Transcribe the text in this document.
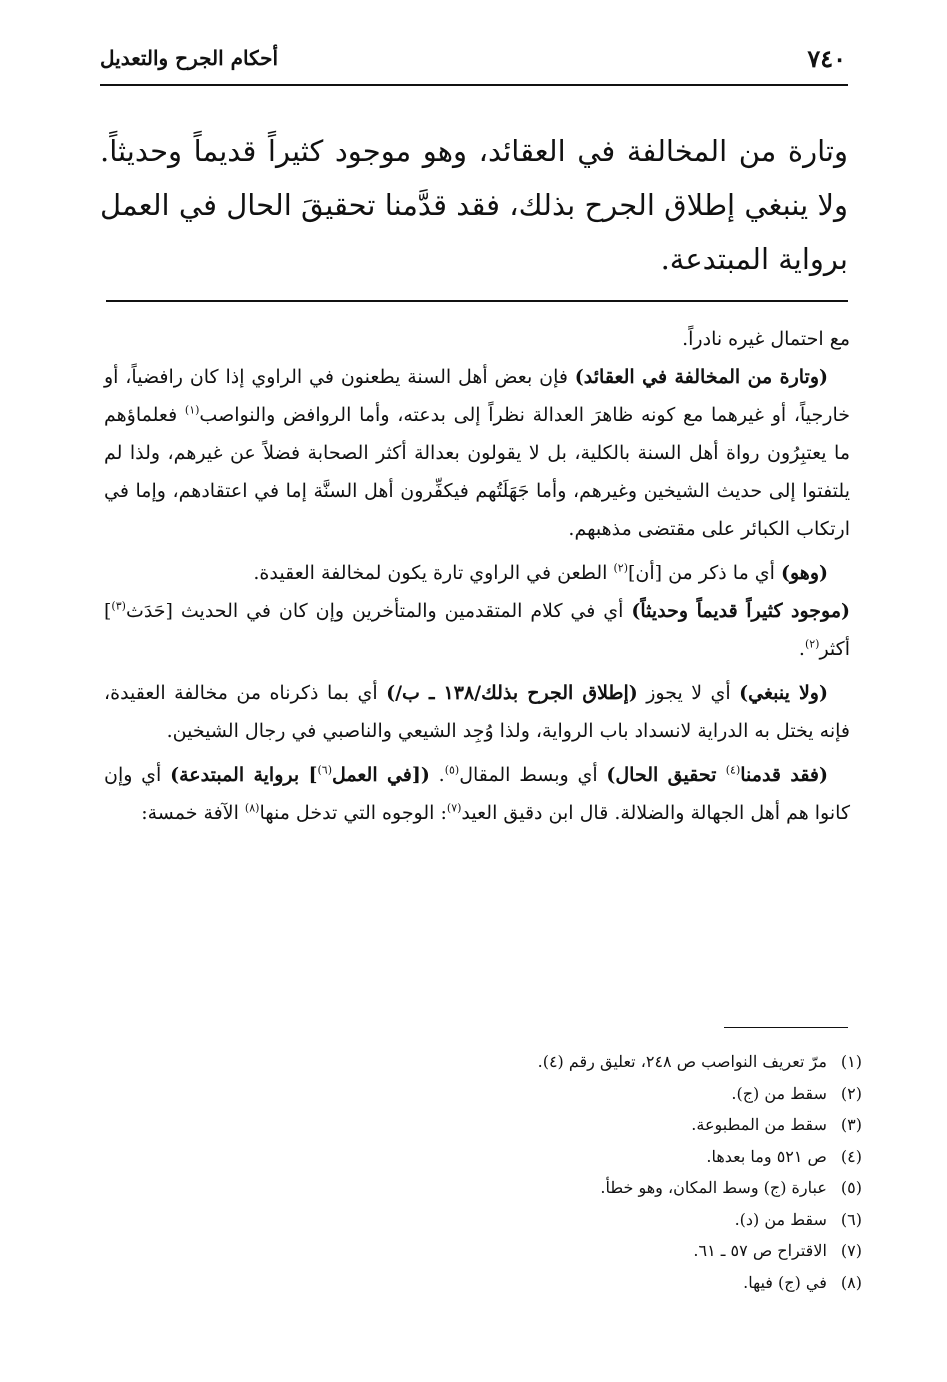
٧٤٠
أحكام الجرح والتعديل

وتارة من المخالفة في العقائد، وهو موجود كثيراً قديماً وحديثاً. ولا ينبغي إطلاق الجرح بذلك، فقد قدَّمنا تحقيقَ الحال في العمل برواية المبتدعة.

مع احتمال غيره نادراً.

(وتارة من المخالفة في العقائد) فإن بعض أهل السنة يطعنون في الراوي إذا كان رافضياً، أو خارجياً، أو غيرهما مع كونه ظاهرَ العدالة نظراً إلى بدعته، وأما الروافض والنواصب$^{(١)}$ فعلماؤهم ما يعتبِرُون رواة أهل السنة بالكلية، بل لا يقولون بعدالة أكثر الصحابة فضلاً عن غيرهم، ولذا لم يلتفتوا إلى حديث الشيخين وغيرهم، وأما جَهَلَتُهم فيكفِّرون أهل السنَّة إما في اعتقادهم، وإما في ارتكاب الكبائر على مقتضى مذهبهم.

(وهو) أي ما ذكر من [أن]$^{(٢)}$ الطعن في الراوي تارة يكون لمخالفة العقيدة.

(موجود كثيراً قديماً وحديثاً) أي في كلام المتقدمين والمتأخرين وإن كان في الحديث [حَدَث$^{(٣)}$] أكثر$^{(٢)}$.

(ولا ينبغي) أي لا يجوز (إطلاق الجرح بذلك/١٣٨ ـ ب/) أي بما ذكرناه من مخالفة العقيدة، فإنه يختل به الدراية لانسداد باب الرواية، ولذا وُجِد الشيعي والناصبي في رجال الشيخين.

(فقد قدمنا$^{(٤)}$ تحقيق الحال) أي وبسط المقال$^{(٥)}$. ([في العمل$^{(٦)}$] برواية المبتدعة) أي وإن كانوا هم أهل الجهالة والضلالة. قال ابن دقيق العيد$^{(٧)}$: الوجوه التي تدخل منها$^{(٨)}$ الآفة خمسة:

(١) مرّ تعريف النواصب ص ٢٤٨، تعليق رقم (٤).
(٢) سقط من (ج).
(٣) سقط من المطبوعة.
(٤) ص ٥٢١ وما بعدها.
(٥) عبارة (ج) وسط المكان، وهو خطأ.
(٦) سقط من (د).
(٧) الاقتراح ص ٥٧ ـ ٦١.
(٨) في (ج) فيها.
